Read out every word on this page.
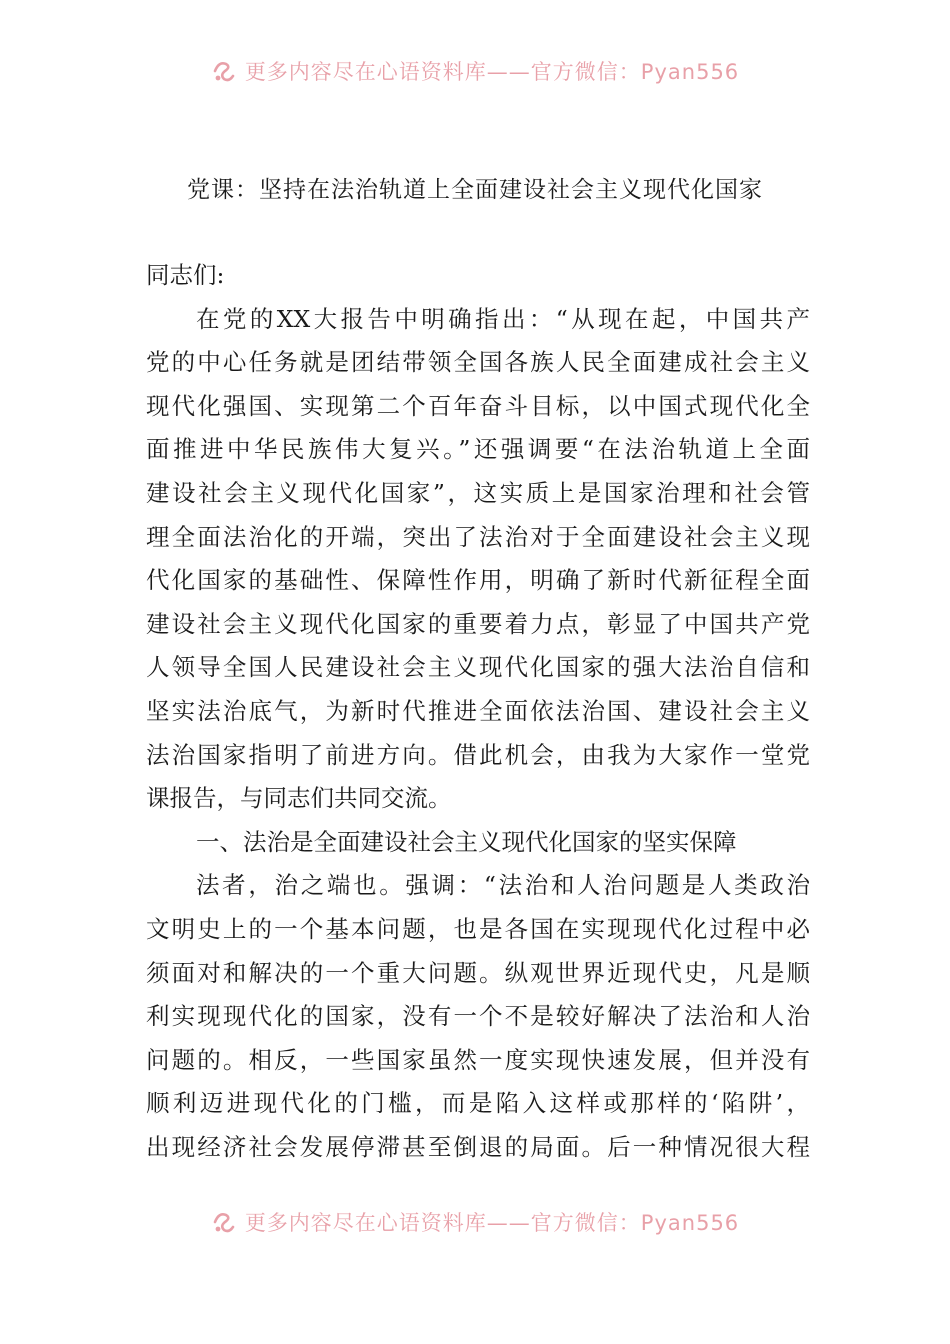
更多内容尽在心语资料库——官方微信：Pyan556
党课：坚持在法治轨道上全面建设社会主义现代化国家
同志们:
在党的XX大报告中明确指出：“从现在起，中国共产
党的中心任务就是团结带领全国各族人民全面建成社会主义
现代化强国、实现第二个百年奋斗目标，以中国式现代化全
面推进中华民族伟大复兴。”还强调要“在法治轨道上全面
建设社会主义现代化国家”，这实质上是国家治理和社会管
理全面法治化的开端，突出了法治对于全面建设社会主义现
代化国家的基础性、保障性作用，明确了新时代新征程全面
建设社会主义现代化国家的重要着力点，彰显了中国共产党
人领导全国人民建设社会主义现代化国家的强大法治自信和
坚实法治底气，为新时代推进全面依法治国、建设社会主义
法治国家指明了前进方向。借此机会，由我为大家作一堂党
课报告，与同志们共同交流。
一、法治是全面建设社会主义现代化国家的坚实保障
法者，治之端也。强调：“法治和人治问题是人类政治
文明史上的一个基本问题，也是各国在实现现代化过程中必
须面对和解决的一个重大问题。纵观世界近现代史，凡是顺
利实现现代化的国家，没有一个不是较好解决了法治和人治
问题的。相反，一些国家虽然一度实现快速发展，但并没有
顺利迈进现代化的门槛，而是陷入这样或那样的‘陷阱’，
出现经济社会发展停滞甚至倒退的局面。后一种情况很大程
更多内容尽在心语资料库——官方微信：Pyan556
